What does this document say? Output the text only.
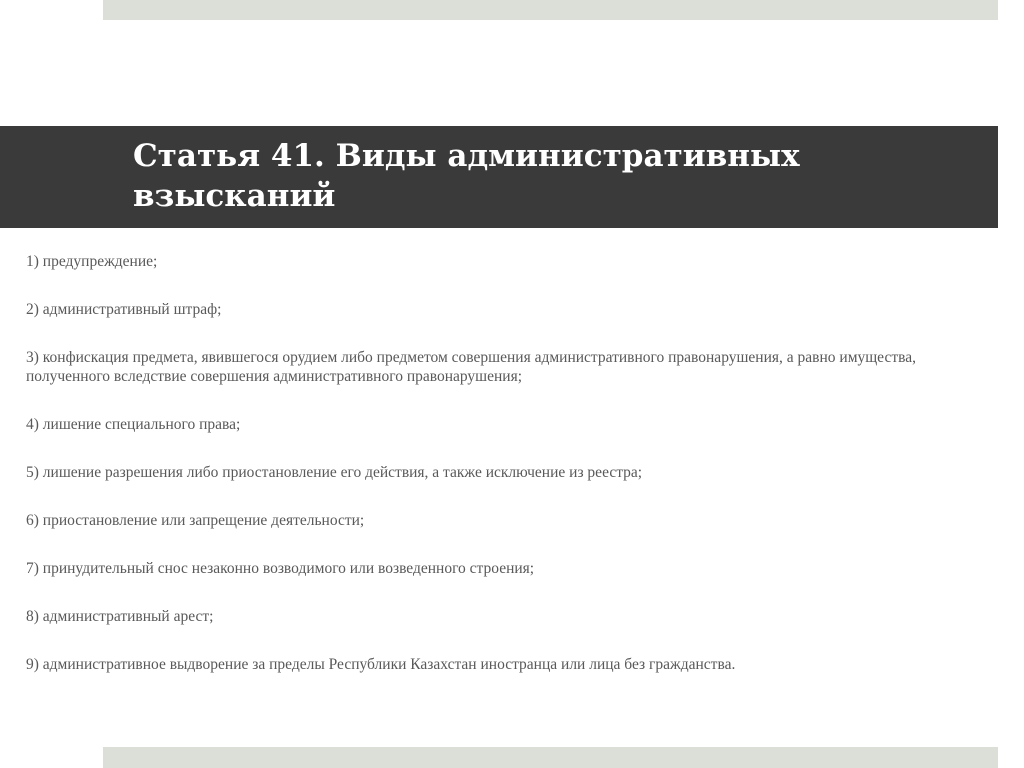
Статья 41. Виды административных взысканий
1) предупреждение;
2) административный штраф;
3) конфискация предмета, явившегося орудием либо предметом совершения административного правонарушения, а равно имущества, полученного вследствие совершения административного правонарушения;
4) лишение специального права;
5) лишение разрешения либо приостановление его действия, а также исключение из реестра;
6) приостановление или запрещение деятельности;
7) принудительный снос незаконно возводимого или возведенного строения;
8) административный арест;
9) административное выдворение за пределы Республики Казахстан иностранца или лица без гражданства.
